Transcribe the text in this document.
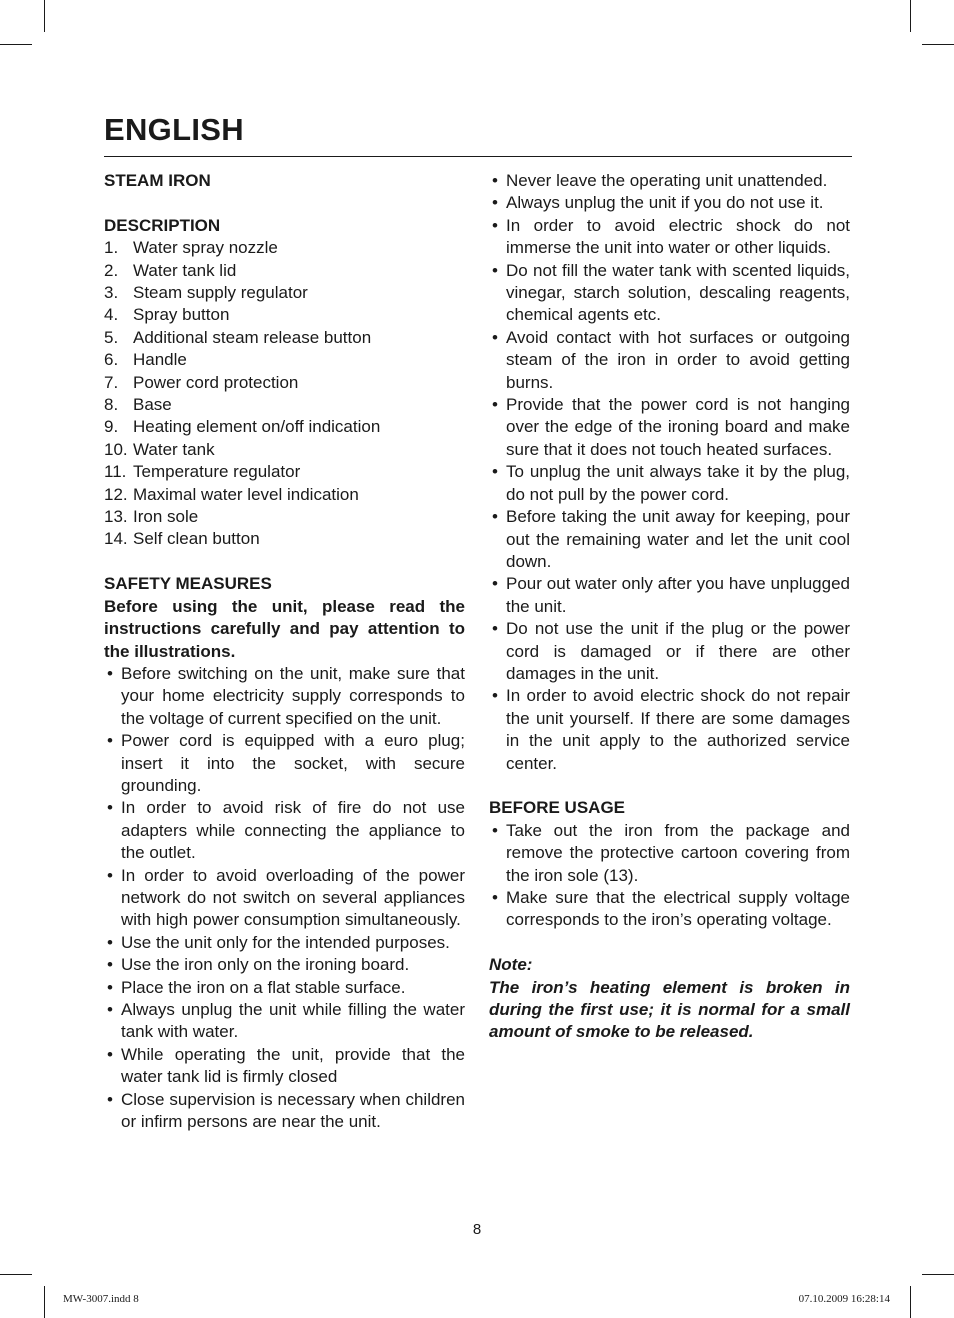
ENGLISH

STEAM IRON

DESCRIPTION

1. Water spray nozzle
2. Water tank lid
3. Steam supply regulator
4. Spray button
5. Additional steam release button
6. Handle
7. Power cord protection
8. Base
9. Heating element on/off indication
10. Water tank
11. Temperature regulator
12. Maximal water level indication
13. Iron sole
14. Self clean button

SAFETY MEASURES

Before using the unit, please read the instructions carefully and pay attention to the illustrations.

• Before switching on the unit, make sure that your home electricity supply corresponds to the voltage of current specified on the unit.
• Power cord is equipped with a euro plug; insert it into the socket, with secure grounding.
• In order to avoid risk of fire do not use adapters while connecting the appliance to the outlet.
• In order to avoid overloading of the power network do not switch on several appliances with high power consumption simultaneously.
• Use the unit only for the intended purposes.
• Use the iron only on the ironing board.
• Place the iron on a flat stable surface.
• Always unplug the unit while filling the water tank with water.
• While operating the unit, provide that the water tank lid is firmly closed
• Close supervision is necessary when children or infirm persons are near the unit.
• Never leave the operating unit unattended.
• Always unplug the unit if you do not use it.
• In order to avoid electric shock do not immerse the unit into water or other liquids.
• Do not fill the water tank with scented liquids, vinegar, starch solution, descaling reagents, chemical agents etc.
• Avoid contact with hot surfaces or outgoing steam of the iron in order to avoid getting burns.
• Provide that the power cord is not hanging over the edge of the ironing board and make sure that it does not touch heated surfaces.
• To unplug the unit always take it by the plug, do not pull by the power cord.
• Before taking the unit away for keeping, pour out the remaining water and let the unit cool down.
• Pour out water only after you have unplugged the unit.
• Do not use the unit if the plug or the power cord is damaged or if there are other damages in the unit.
• In order to avoid electric shock do not repair the unit yourself. If there are some damages in the unit apply to the authorized service center.

BEFORE USAGE

• Take out the iron from the package and remove the protective cartoon covering from the iron sole (13).
• Make sure that the electrical supply voltage corresponds to the iron’s operating voltage.

Note:

The iron’s heating element is broken in during the first use; it is normal for a small amount of smoke to be released.

8
MW-3007.indd 8	07.10.2009 16:28:14
